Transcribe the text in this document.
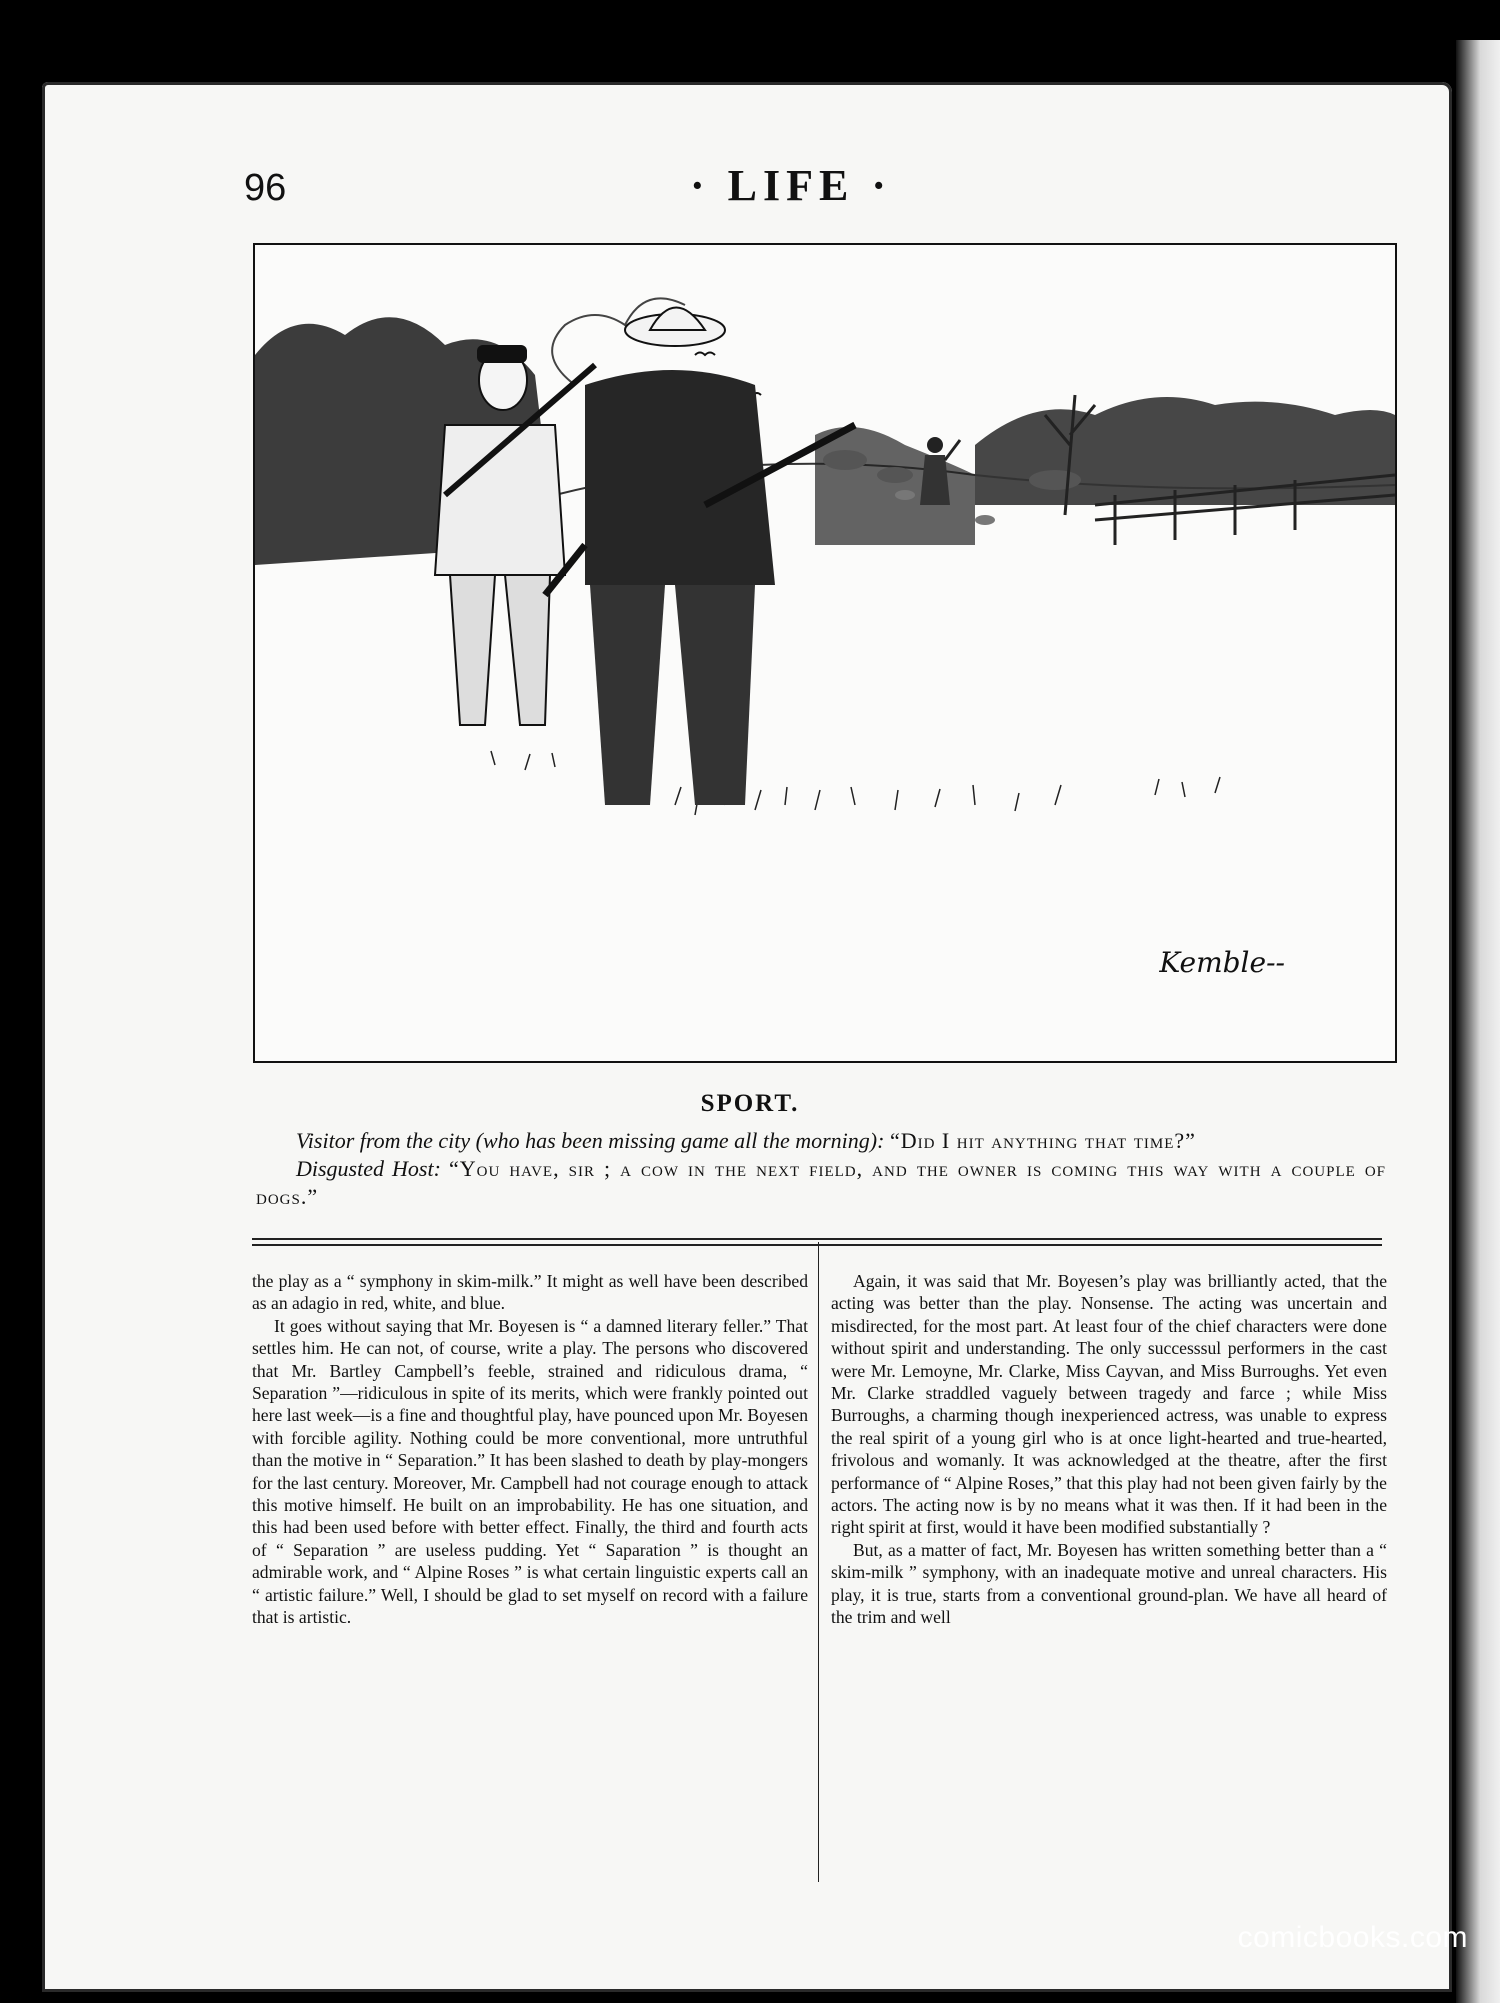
96	· LIFE ·
Kemble--
SPORT.
Visitor from the city (who has been missing game all the morning): “Did I hit anything that time?”
Disgusted Host: “You have, sir ; a cow in the next field, and the owner is coming this way with a couple of dogs.”

the play as a “ symphony in skim-milk.” It might as well have been described as an adagio in red, white, and blue.

It goes without saying that Mr. Boyesen is “ a damned literary feller.” That settles him. He can not, of course, write a play. The persons who discovered that Mr. Bartley Campbell’s feeble, strained and ridiculous drama, “ Separation ”—ridiculous in spite of its merits, which were frankly pointed out here last week—is a fine and thoughtful play, have pounced upon Mr. Boyesen with forcible agility. Nothing could be more conventional, more untruthful than the motive in “ Separation.” It has been slashed to death by play-mongers for the last century. Moreover, Mr. Campbell had not courage enough to attack this motive himself. He built on an improbability. He has one situation, and this had been used before with better effect. Finally, the third and fourth acts of “ Separation ” are useless pudding. Yet “ Saparation ” is thought an admirable work, and “ Alpine Roses ” is what certain linguistic experts call an “ artistic failure.” Well, I should be glad to set myself on record with a failure that is artistic.

Again, it was said that Mr. Boyesen’s play was brilliantly acted, that the acting was better than the play. Nonsense. The acting was uncertain and misdirected, for the most part. At least four of the chief characters were done without spirit and understanding. The only successsul performers in the cast were Mr. Lemoyne, Mr. Clarke, Miss Cayvan, and Miss Burroughs. Yet even Mr. Clarke straddled vaguely between tragedy and farce ; while Miss Burroughs, a charming though inexperienced actress, was unable to express the real spirit of a young girl who is at once light-hearted and true-hearted, frivolous and womanly. It was acknowledged at the theatre, after the first performance of “ Alpine Roses,” that this play had not been given fairly by the actors. The acting now is by no means what it was then. If it had been in the right spirit at first, would it have been modified substantially ?

But, as a matter of fact, Mr. Boyesen has written something better than a “ skim-milk ” symphony, with an inadequate motive and unreal characters. His play, it is true, starts from a conventional ground-plan. We have all heard of the trim and well

comicbooks.com
